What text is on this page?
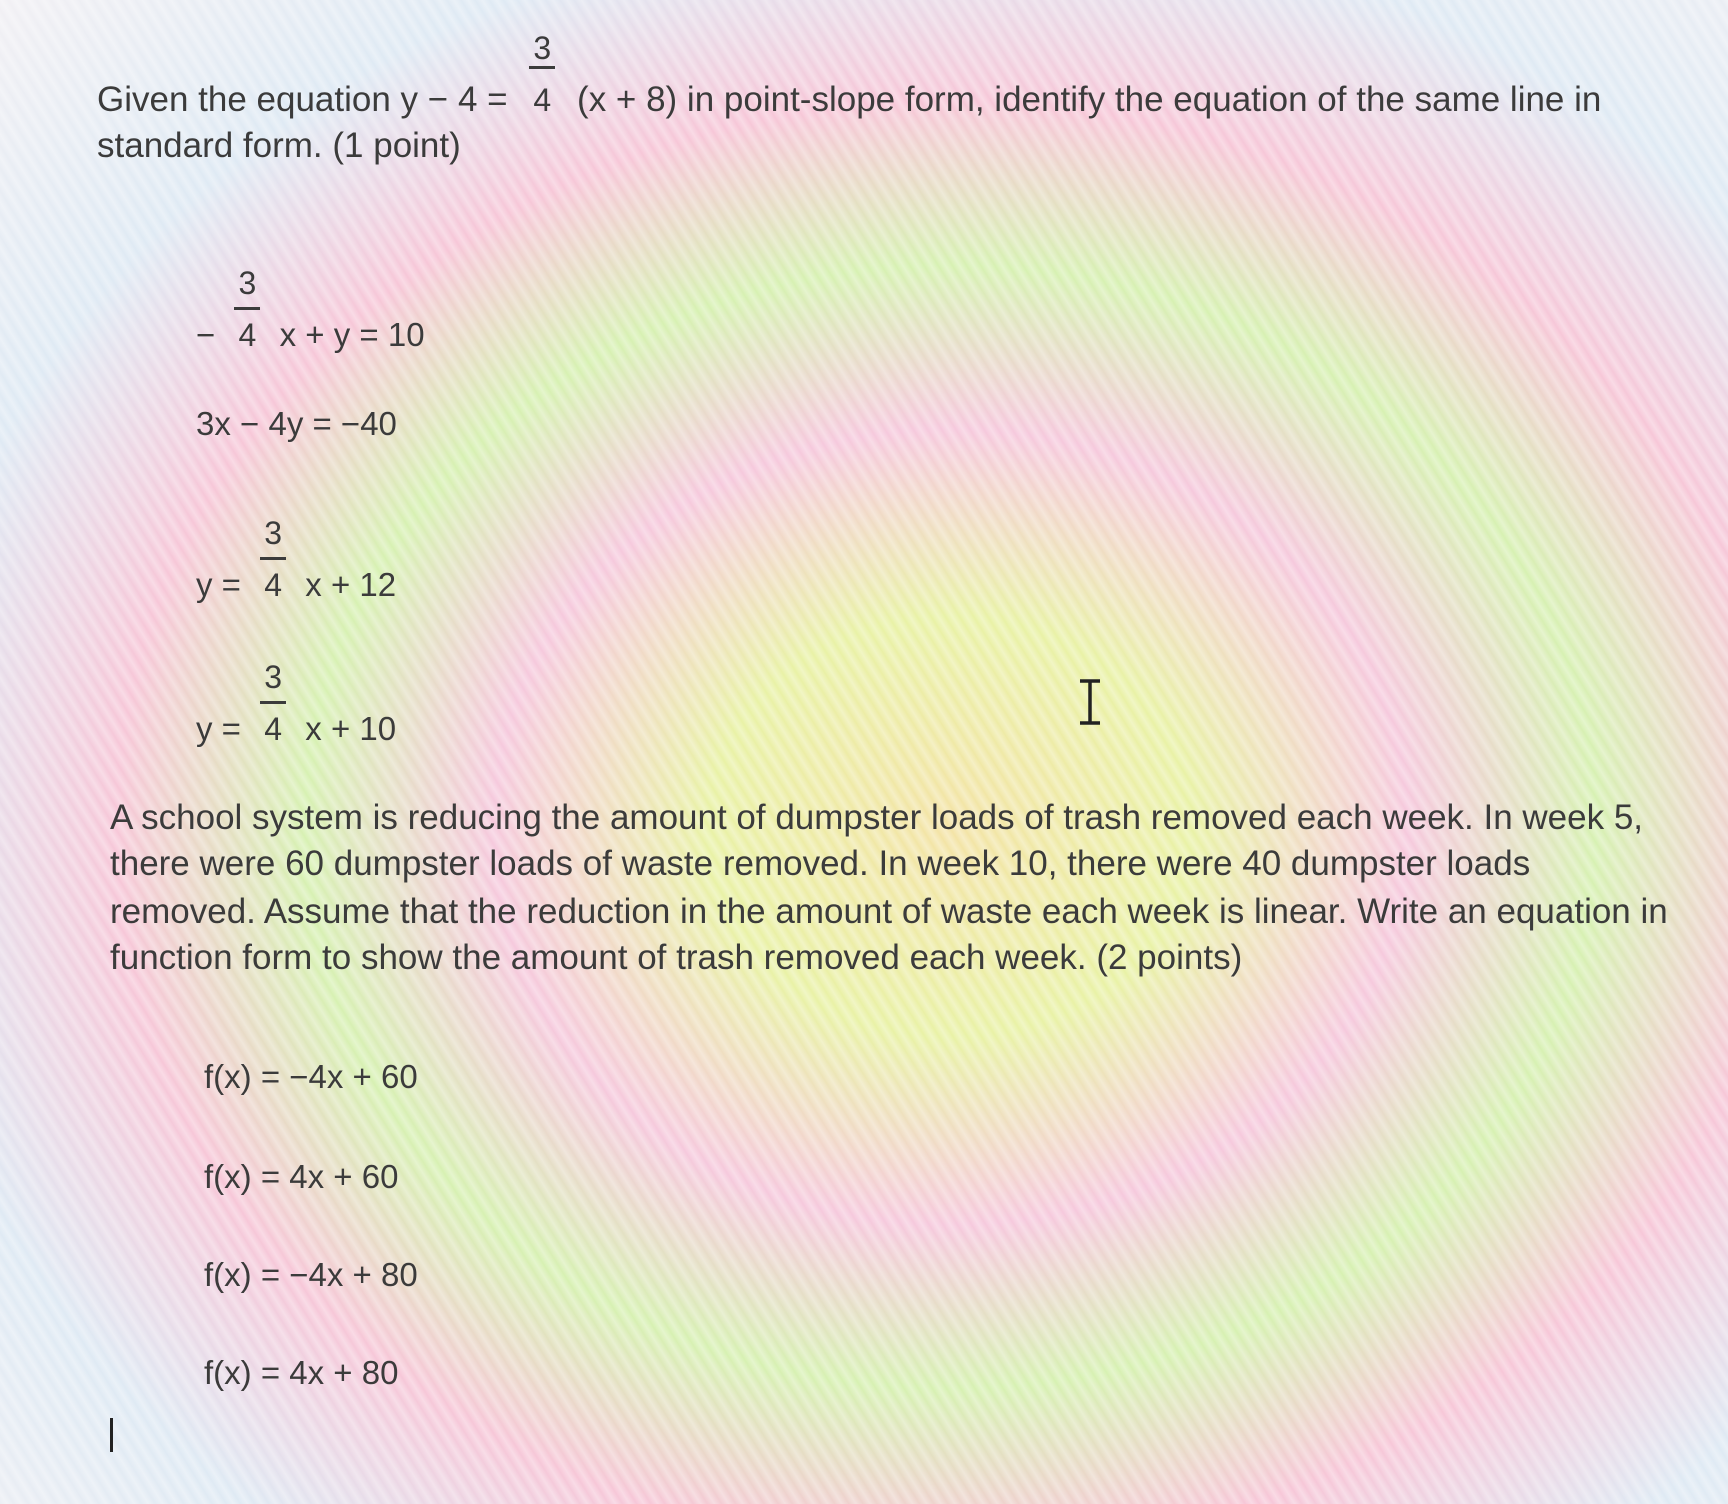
Given the equation $y - 4 = \frac{3}{4} (x + 8)$ in point-slope form, identify the equation of the same line in
standard form. (1 point)
− $\frac{3}{4}$ x + y = 10
3x − 4y = −40
$y = \frac{3}{4}$ x + 12
$y = \frac{3}{4}$ x + 10
A school system is reducing the amount of dumpster loads of trash removed each week. In week 5,
there were 60 dumpster loads of waste removed. In week 10, there were 40 dumpster loads
removed. Assume that the reduction in the amount of waste each week is linear. Write an equation in
function form to show the amount of trash removed each week. (2 points)
f(x) = −4x + 60
f(x) = 4x + 60
f(x) = −4x + 80
f(x) = 4x + 80
